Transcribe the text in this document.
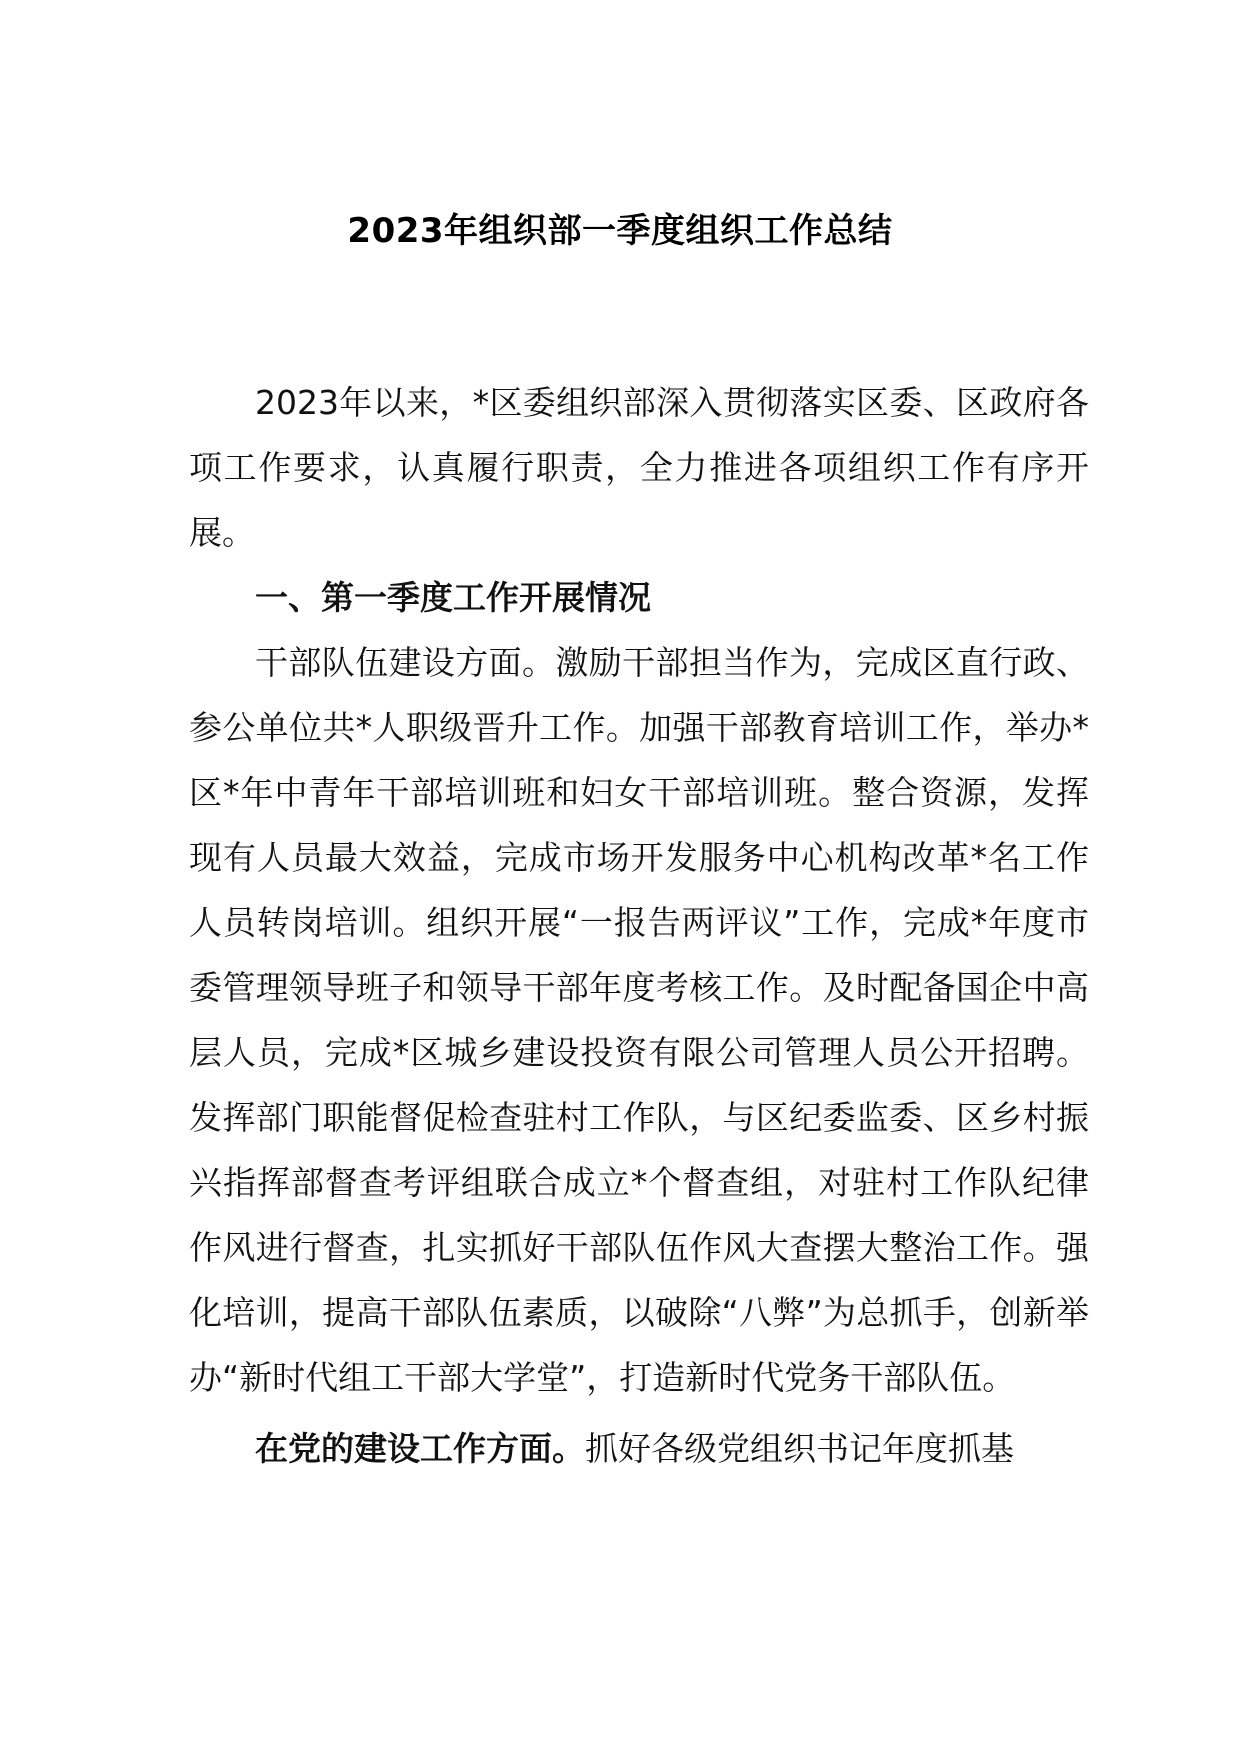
2023年组织部一季度组织工作总结

2023年以来，*区委组织部深入贯彻落实区委、区政府各项工作要求，认真履行职责，全力推进各项组织工作有序开展。

一、第一季度工作开展情况

干部队伍建设方面。激励干部担当作为，完成区直行政、参公单位共*人职级晋升工作。加强干部教育培训工作，举办*区*年中青年干部培训班和妇女干部培训班。整合资源，发挥现有人员最大效益，完成市场开发服务中心机构改革*名工作人员转岗培训。组织开展“一报告两评议”工作，完成*年度市委管理领导班子和领导干部年度考核工作。及时配备国企中高层人员，完成*区城乡建设投资有限公司管理人员公开招聘。发挥部门职能督促检查驻村工作队，与区纪委监委、区乡村振兴指挥部督查考评组联合成立*个督查组，对驻村工作队纪律作风进行督查，扎实抓好干部队伍作风大查摆大整治工作。强化培训，提高干部队伍素质，以破除“八弊”为总抓手，创新举办“新时代组工干部大学堂”，打造新时代党务干部队伍。

在党的建设工作方面。抓好各级党组织书记年度抓基
